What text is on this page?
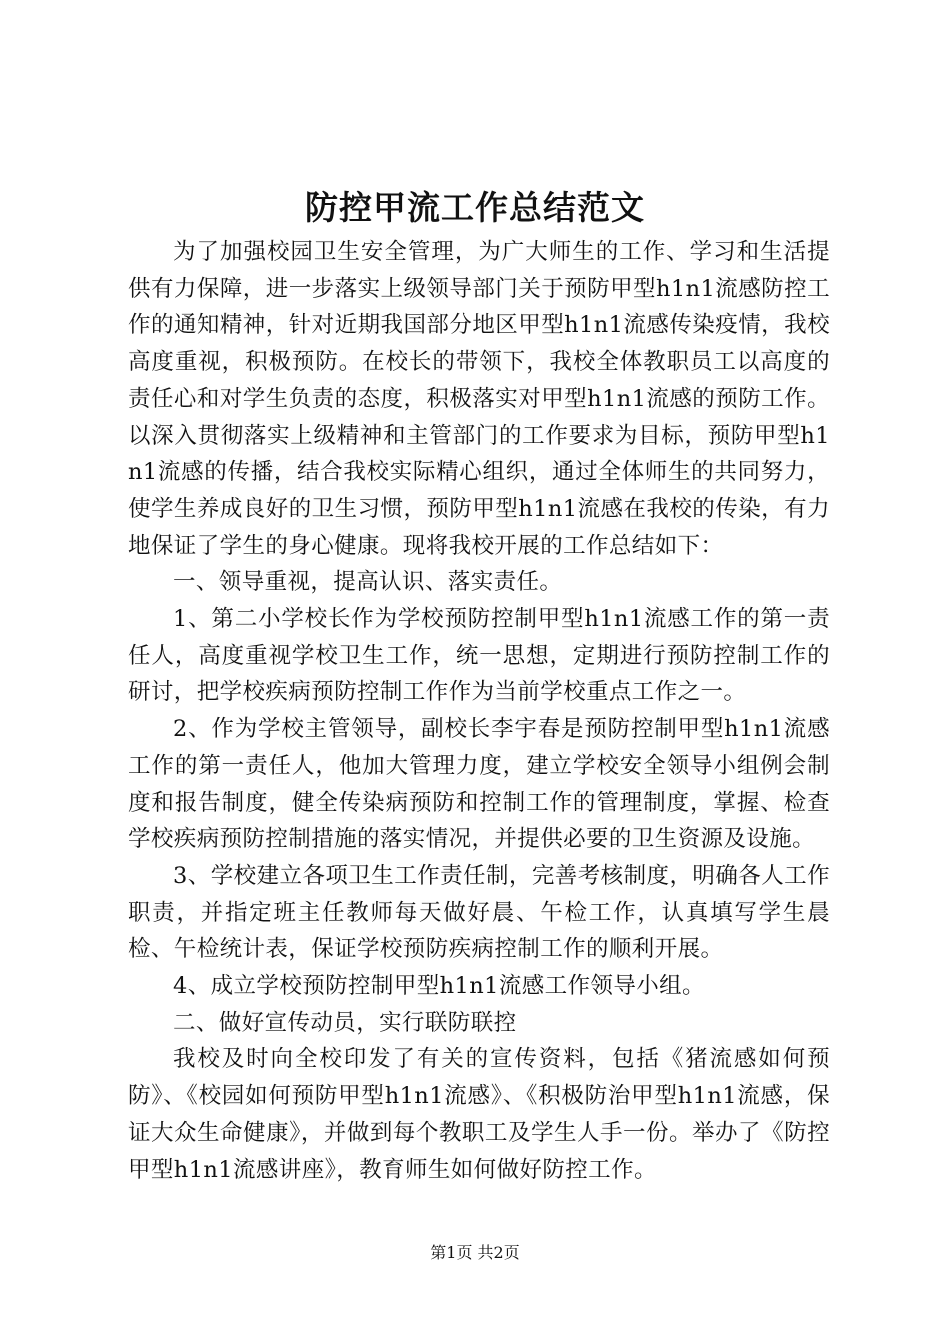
防控甲流工作总结范文

为了加强校园卫生安全管理，为广大师生的工作、学习和生活提供有力保障，进一步落实上级领导部门关于预防甲型h1n1流感防控工作的通知精神，针对近期我国部分地区甲型h1n1流感传染疫情，我校高度重视，积极预防。在校长的带领下，我校全体教职员工以高度的责任心和对学生负责的态度，积极落实对甲型h1n1流感的预防工作。以深入贯彻落实上级精神和主管部门的工作要求为目标，预防甲型h1n1流感的传播，结合我校实际精心组织，通过全体师生的共同努力，使学生养成良好的卫生习惯，预防甲型h1n1流感在我校的传染，有力地保证了学生的身心健康。现将我校开展的工作总结如下：

一、领导重视，提高认识、落实责任。

1、第二小学校长作为学校预防控制甲型h1n1流感工作的第一责任人，高度重视学校卫生工作，统一思想，定期进行预防控制工作的研讨，把学校疾病预防控制工作作为当前学校重点工作之一。

2、作为学校主管领导，副校长李宇春是预防控制甲型h1n1流感工作的第一责任人，他加大管理力度，建立学校安全领导小组例会制度和报告制度，健全传染病预防和控制工作的管理制度，掌握、检查学校疾病预防控制措施的落实情况，并提供必要的卫生资源及设施。

3、学校建立各项卫生工作责任制，完善考核制度，明确各人工作职责，并指定班主任教师每天做好晨、午检工作，认真填写学生晨检、午检统计表，保证学校预防疾病控制工作的顺利开展。

4、成立学校预防控制甲型h1n1流感工作领导小组。

二、做好宣传动员，实行联防联控

我校及时向全校印发了有关的宣传资料，包括《猪流感如何预防》、《校园如何预防甲型h1n1流感》、《积极防治甲型h1n1流感，保证大众生命健康》，并做到每个教职工及学生人手一份。举办了《防控甲型h1n1流感讲座》，教育师生如何做好防控工作。

第1页 共2页
